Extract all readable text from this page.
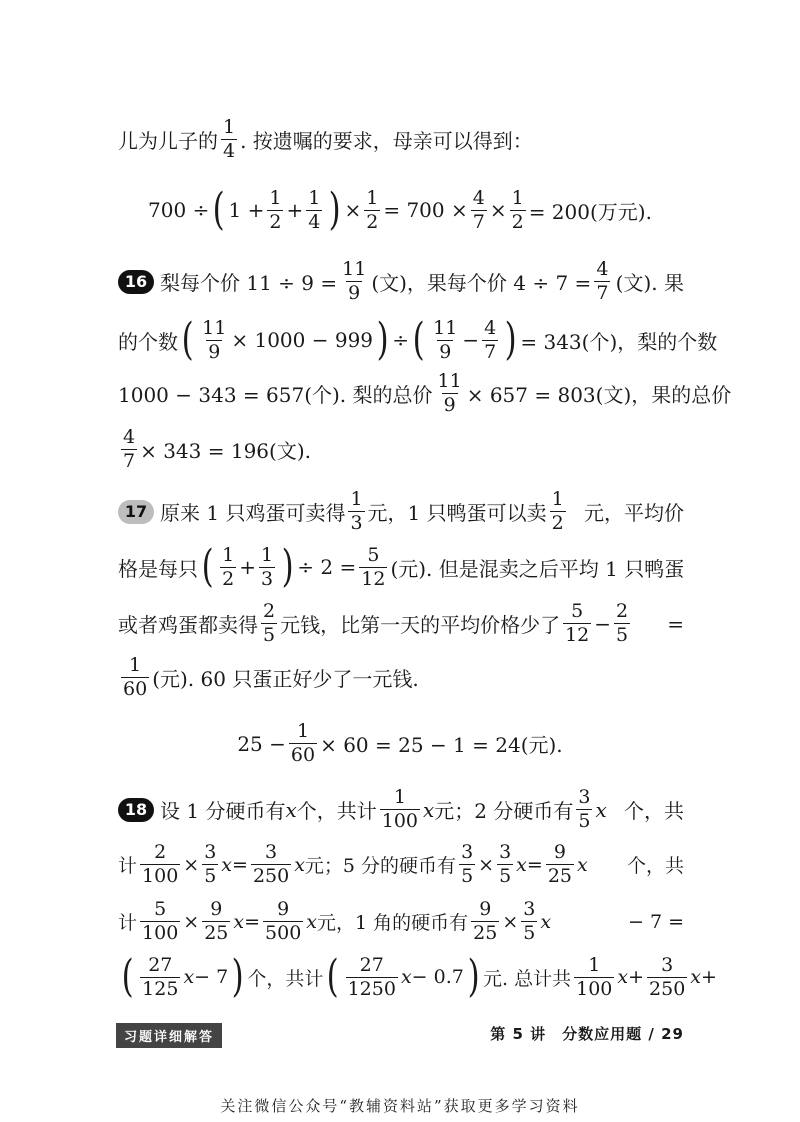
儿为儿子的 $\frac{1}{4}$ . 按遗嘱的要求，母亲可以得到：
700 ÷ ( $1 + \frac{1}{2} + \frac{1}{4}$ ) × $\frac{1}{2} = 700 \times \frac{4}{7} \times \frac{1}{2} = 200$(万元).
16 梨每个价 $11 \div 9 = \frac{11}{9}$ (文)，果每个价 $4 \div 7 = \frac{4}{7}$ (文). 果
的个数 ( $\frac{11}{9} \times 1000 - 999$ ) ÷ ( $\frac{11}{9} - \frac{4}{7}$ ) = 343(个)，梨的个数
1000 − 343 = 657(个). 梨的总价 $\frac{11}{9} \times 657 = 803$(文)，果的总价
$\frac{4}{7} \times 343 = 196$(文).
17 原来 1 只鸡蛋可卖得 $\frac{1}{3}$ 元，1 只鸭蛋可以卖 $\frac{1}{2}$ 元，平均价
格是每只 ( $\frac{1}{2} + \frac{1}{3}$ ) ÷ $2 = \frac{5}{12}$ (元). 但是混卖之后平均 1 只鸭蛋
或者鸡蛋都卖得 $\frac{2}{5}$ 元钱，比第一天的平均价格少了 $\frac{5}{12} - \frac{2}{5}$ =
$\frac{1}{60}$ (元). 60 只蛋正好少了一元钱.
$25 - \frac{1}{60} \times 60 = 25 - 1 = 24$(元).
18 设 1 分硬币有 x 个，共计 $\frac{1}{100}$ x 元；2 分硬币有 $\frac{3}{5}$ x 个，共
计 $\frac{2}{100} \times \frac{3}{5}$ $x = \frac{3}{250}$ x 元；5 分的硬币有 $\frac{3}{5} \times \frac{3}{5}$ $x = \frac{9}{25}$ x 个，共
计 $\frac{5}{100} \times \frac{9}{25}$ $x = \frac{9}{500}$ x 元，1 角的硬币有 $\frac{9}{25} \times \frac{3}{5}$ x	− 7 =
( $\frac{27}{125}$ x − 7 ) 个，共计 ( $\frac{27}{1250}$ x − 0.7 ) 元. 总计共 $\frac{1}{100}$ $x + \frac{3}{250}$ x +
习题详细解答	第 5 讲　分数应用题 / 29
关注微信公众号“教辅资料站”获取更多学习资料
